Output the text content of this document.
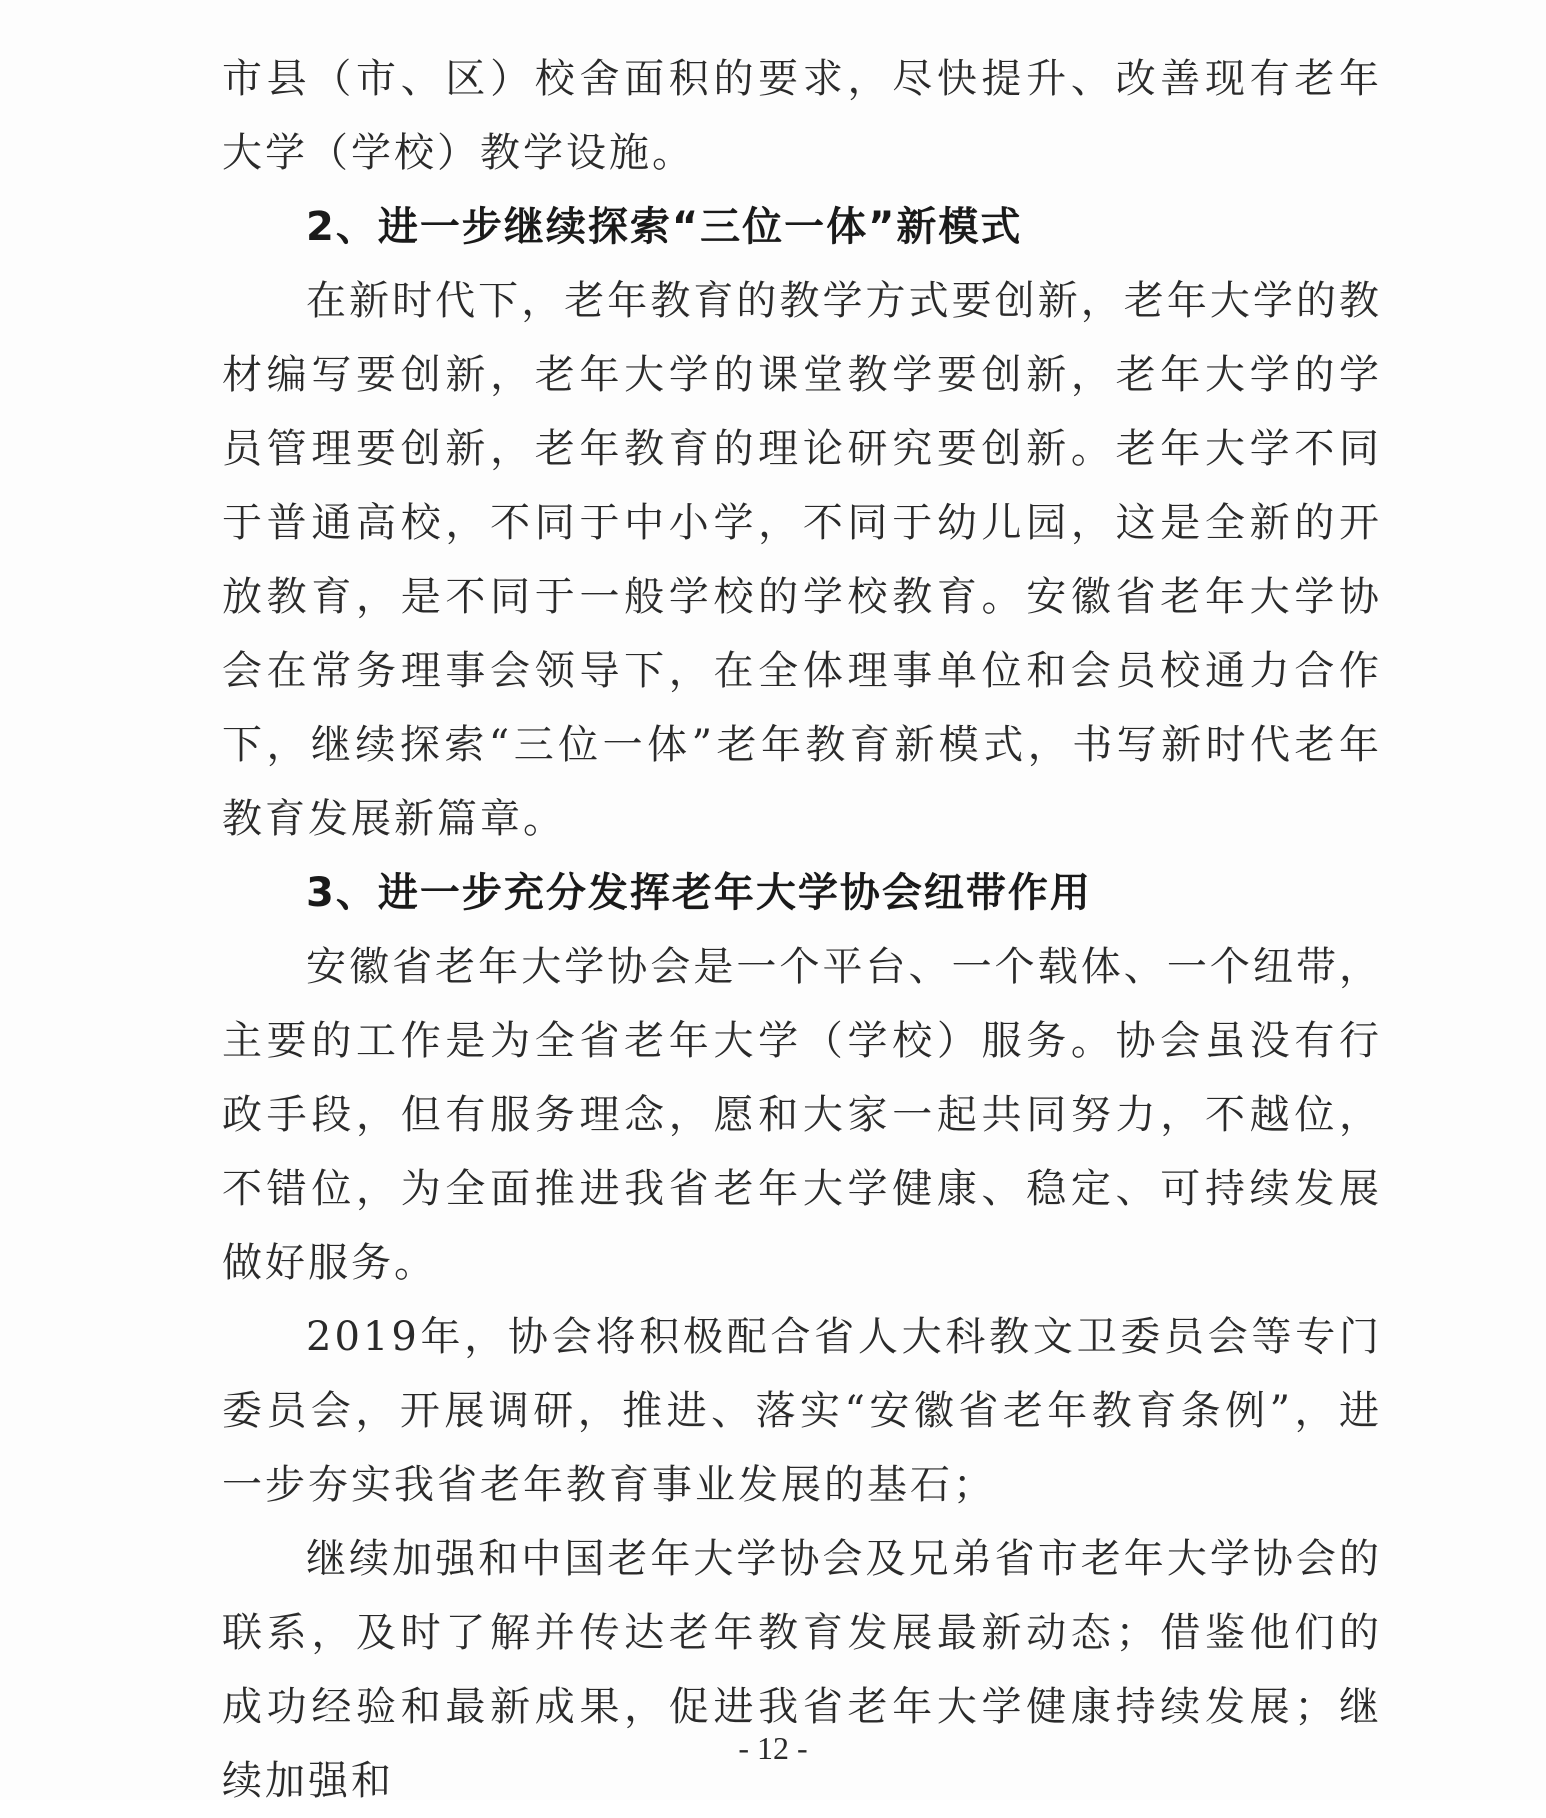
市县（市、区）校舍面积的要求，尽快提升、改善现有老年大学（学校）教学设施。

2、进一步继续探索“三位一体”新模式

在新时代下，老年教育的教学方式要创新，老年大学的教材编写要创新，老年大学的课堂教学要创新，老年大学的学员管理要创新，老年教育的理论研究要创新。老年大学不同于普通高校，不同于中小学，不同于幼儿园，这是全新的开放教育，是不同于一般学校的学校教育。安徽省老年大学协会在常务理事会领导下，在全体理事单位和会员校通力合作下，继续探索“三位一体”老年教育新模式，书写新时代老年教育发展新篇章。

3、进一步充分发挥老年大学协会纽带作用

安徽省老年大学协会是一个平台、一个载体、一个纽带，主要的工作是为全省老年大学（学校）服务。协会虽没有行政手段，但有服务理念，愿和大家一起共同努力，不越位，不错位，为全面推进我省老年大学健康、稳定、可持续发展做好服务。

2019年，协会将积极配合省人大科教文卫委员会等专门委员会，开展调研，推进、落实“安徽省老年教育条例”，进一步夯实我省老年教育事业发展的基石；

继续加强和中国老年大学协会及兄弟省市老年大学协会的联系，及时了解并传达老年教育发展最新动态；借鉴他们的成功经验和最新成果，促进我省老年大学健康持续发展；继续加强和

- 12 -
